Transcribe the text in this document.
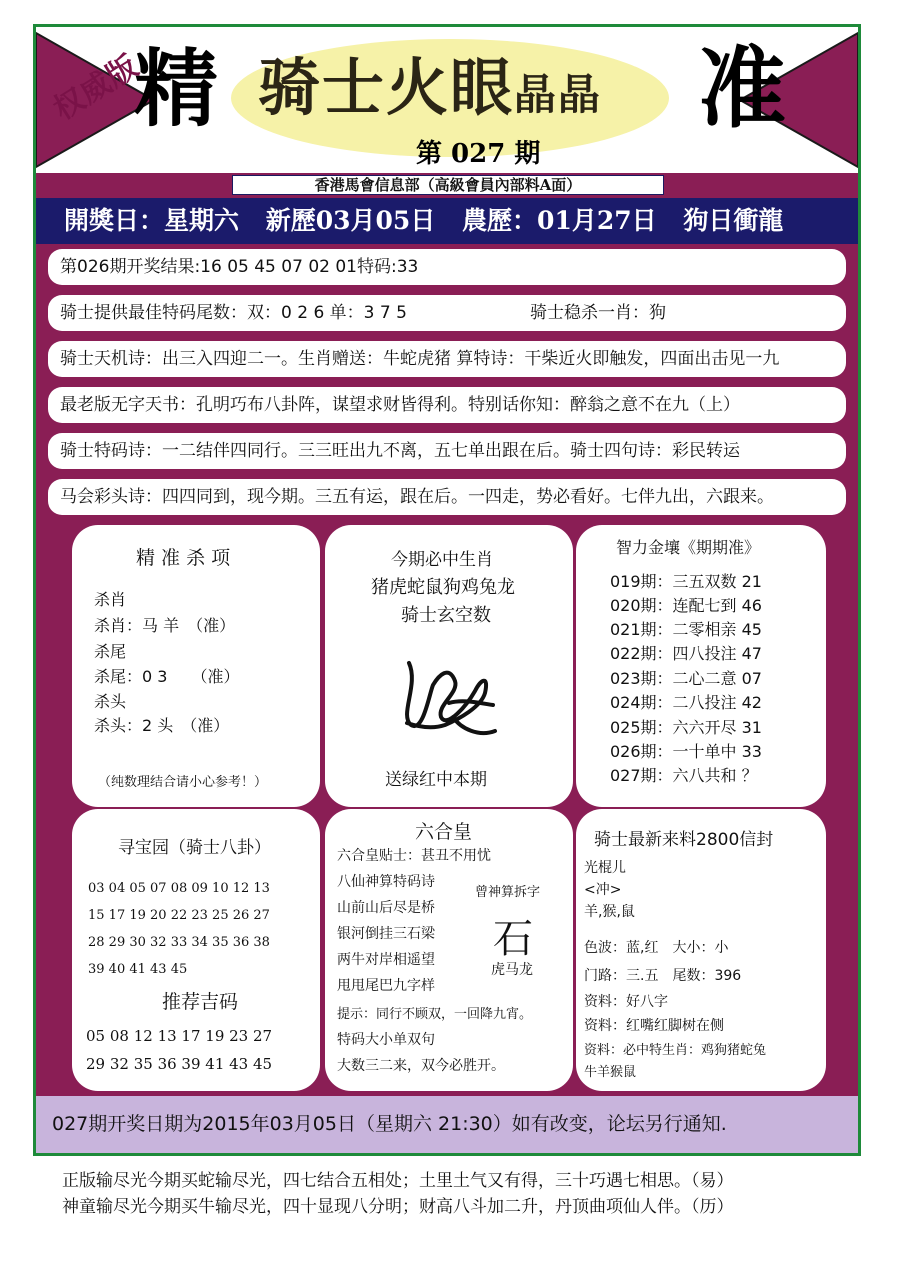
权威版
精 骑士火眼晶晶
第 027 期
准
香港馬會信息部（高級會員內部料A面）
開獎日：星期六 新歷03月05日 農歷：01月27日 狗日衝龍
第026期开奖结果:16 05 45 07 02 01特码:33
骑士提供最佳特码尾数：双：0 2 6 单：3 7 5	骑士稳杀一肖：狗
骑士天机诗：出三入四迎二一。生肖赠送：牛蛇虎猪 算特诗：干柴近火即触发，四面出击见一九
最老版无字天书：孔明巧布八卦阵，谋望求财皆得利。特别话你知：醉翁之意不在九（上）
骑士特码诗：一二结伴四同行。三三旺出九不离，五七单出跟在后。骑士四句诗：彩民转运
马会彩头诗：四四同到，现今期。三五有运，跟在后。一四走，势必看好。七伴九出，六跟来。
精 准 杀 项
杀肖
杀肖：马 羊　（准）
杀尾
杀尾：0 3　　（准）
杀头
杀头：2 头　（准）
（纯数理结合请小心参考！）
今期必中生肖
猪虎蛇鼠狗鸡兔龙
骑士玄空数
送绿红中本期
智力金壤《期期准》
019期：三五双数 21
020期：连配七到 46
021期：二零相亲 45
022期：四八投注 47
023期：二心二意 07
024期：二八投注 42
025期：六六开尽 31
026期：一十单中 33
027期：六八共和 ？
寻宝园（骑士八卦）
03 04 05 07 08 09 10 12 13
15 17 19 20 22 23 25 26 27
28 29 30 32 33 34 35 36 38
39 40 41 43 45
推荐吉码
05 08 12 13 17 19 23 27
29 32 35 36 39 41 43 45
六合皇
六合皇贴士：甚丑不用忧
八仙神算特码诗
山前山后尽是桥
银河倒挂三石梁
两牛对岸相遥望
甩甩尾巴九字样
曾神算拆字
石
虎马龙
提示：同行不顾双，一回降九宵。
特码大小单双句
大数三二来，双今必胜开。
骑士最新来料2800信封
光棍儿
<冲>
羊,猴,鼠
色波：蓝,红　大小：小
门路：三.五　尾数：396
资料：好八字
资料：红嘴红脚树在侧
资料：必中特生肖：鸡狗猪蛇兔
牛羊猴鼠
027期开奖日期为2015年03月05日（星期六 21:30）如有改变，论坛另行通知.
正版输尽光今期买蛇输尽光，四七结合五相处；土里土气又有得，三十巧遇七相思。（易）
神童输尽光今期买牛输尽光，四十显现八分明；财高八斗加二升，丹顶曲项仙人伴。（历）
